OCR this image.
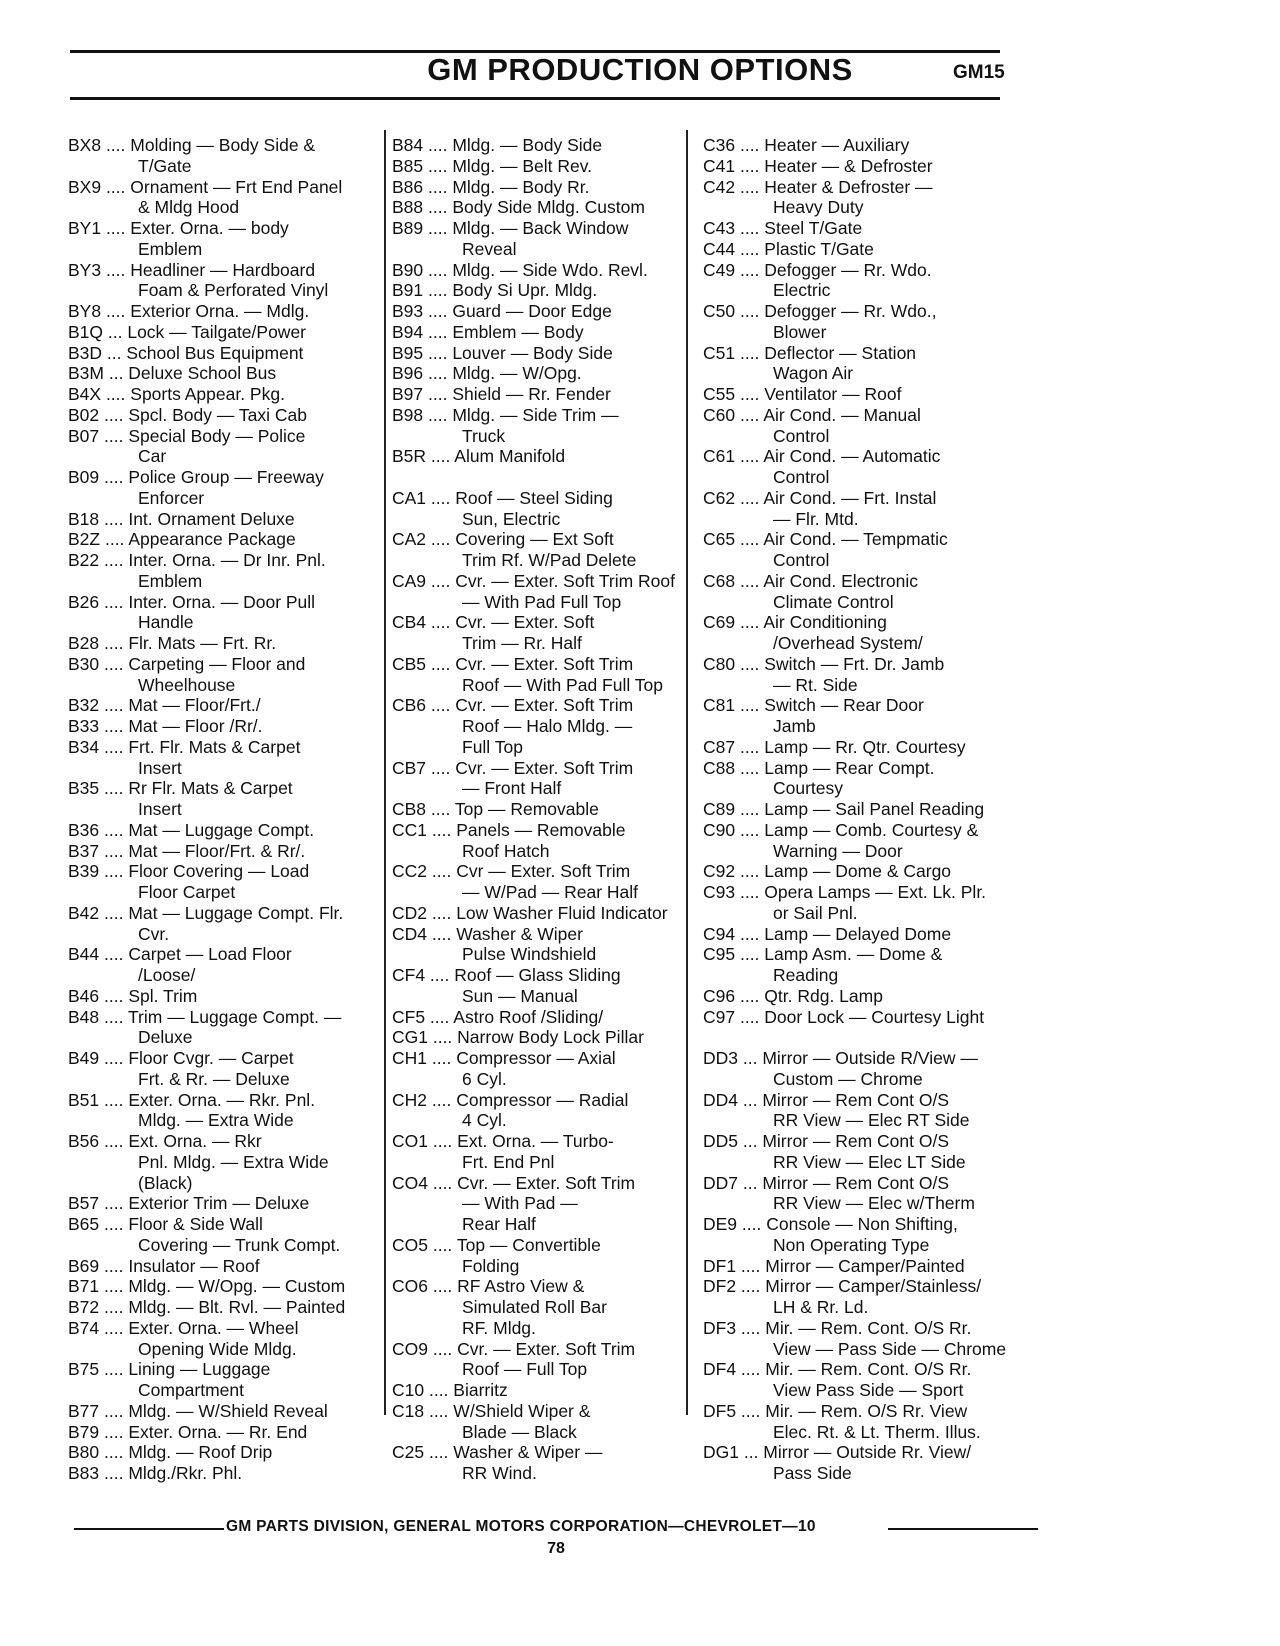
GM PRODUCTION OPTIONS	GM15
BX8 .... Molding — Body Side &
T/Gate
BX9 .... Ornament — Frt End Panel
& Mldg Hood
BY1 .... Exter. Orna. — body
Emblem
BY3 .... Headliner — Hardboard
Foam & Perforated Vinyl
BY8 .... Exterior Orna. — Mdlg.
B1Q ... Lock — Tailgate/Power
B3D ... School Bus Equipment
B3M ... Deluxe School Bus
B4X .... Sports Appear. Pkg.
B02 .... Spcl. Body — Taxi Cab
B07 .... Special Body — Police
Car
B09 .... Police Group — Freeway
Enforcer
B18 .... Int. Ornament Deluxe
B2Z .... Appearance Package
B22 .... Inter. Orna. — Dr Inr. Pnl.
Emblem
B26 .... Inter. Orna. — Door Pull
Handle
B28 .... Flr. Mats — Frt. Rr.
B30 .... Carpeting — Floor and
Wheelhouse
B32 .... Mat — Floor/Frt./
B33 .... Mat — Floor /Rr/.
B34 .... Frt. Flr. Mats & Carpet
Insert
B35 .... Rr Flr. Mats & Carpet
Insert
B36 .... Mat — Luggage Compt.
B37 .... Mat — Floor/Frt. & Rr/.
B39 .... Floor Covering — Load
Floor Carpet
B42 .... Mat — Luggage Compt. Flr.
Cvr.
B44 .... Carpet — Load Floor
/Loose/
B46 .... Spl. Trim
B48 .... Trim — Luggage Compt. —
Deluxe
B49 .... Floor Cvgr. — Carpet
Frt. & Rr. — Deluxe
B51 .... Exter. Orna. — Rkr. Pnl.
Mldg. — Extra Wide
B56 .... Ext. Orna. — Rkr
Pnl. Mldg. — Extra Wide
(Black)
B57 .... Exterior Trim — Deluxe
B65 .... Floor & Side Wall
Covering — Trunk Compt.
B69 .... Insulator — Roof
B71 .... Mldg. — W/Opg. — Custom
B72 .... Mldg. — Blt. Rvl. — Painted
B74 .... Exter. Orna. — Wheel
Opening Wide Mldg.
B75 .... Lining — Luggage
Compartment
B77 .... Mldg. — W/Shield Reveal
B79 .... Exter. Orna. — Rr. End
B80 .... Mldg. — Roof Drip
B83 .... Mldg./Rkr. Phl.
B84 .... Mldg. — Body Side
B85 .... Mldg. — Belt Rev.
B86 .... Mldg. — Body Rr.
B88 .... Body Side Mldg. Custom
B89 .... Mldg. — Back Window
Reveal
B90 .... Mldg. — Side Wdo. Revl.
B91 .... Body Si Upr. Mldg.
B93 .... Guard — Door Edge
B94 .... Emblem — Body
B95 .... Louver — Body Side
B96 .... Mldg. — W/Opg.
B97 .... Shield — Rr. Fender
B98 .... Mldg. — Side Trim —
Truck
B5R .... Alum Manifold
CA1 .... Roof — Steel Siding
Sun, Electric
CA2 .... Covering — Ext Soft
Trim Rf. W/Pad Delete
CA9 .... Cvr. — Exter. Soft Trim Roof
— With Pad Full Top
CB4 .... Cvr. — Exter. Soft
Trim — Rr. Half
CB5 .... Cvr. — Exter. Soft Trim
Roof — With Pad Full Top
CB6 .... Cvr. — Exter. Soft Trim
Roof — Halo Mldg. —
Full Top
CB7 .... Cvr. — Exter. Soft Trim
— Front Half
CB8 .... Top — Removable
CC1 .... Panels — Removable
Roof Hatch
CC2 .... Cvr — Exter. Soft Trim
— W/Pad — Rear Half
CD2 .... Low Washer Fluid Indicator
CD4 .... Washer & Wiper
Pulse Windshield
CF4 .... Roof — Glass Sliding
Sun — Manual
CF5 .... Astro Roof /Sliding/
CG1 .... Narrow Body Lock Pillar
CH1 .... Compressor — Axial
6 Cyl.
CH2 .... Compressor — Radial
4 Cyl.
CO1 .... Ext. Orna. — Turbo-
Frt. End Pnl
CO4 .... Cvr. — Exter. Soft Trim
— With Pad —
Rear Half
CO5 .... Top — Convertible
Folding
CO6 .... RF Astro View &
Simulated Roll Bar
RF. Mldg.
CO9 .... Cvr. — Exter. Soft Trim
Roof — Full Top
C10 .... Biarritz
C18 .... W/Shield Wiper &
Blade — Black
C25 .... Washer & Wiper —
RR Wind.
C36 .... Heater — Auxiliary
C41 .... Heater — & Defroster
C42 .... Heater & Defroster —
Heavy Duty
C43 .... Steel T/Gate
C44 .... Plastic T/Gate
C49 .... Defogger — Rr. Wdo.
Electric
C50 .... Defogger — Rr. Wdo.,
Blower
C51 .... Deflector — Station
Wagon Air
C55 .... Ventilator — Roof
C60 .... Air Cond. — Manual
Control
C61 .... Air Cond. — Automatic
Control
C62 .... Air Cond. — Frt. Instal
— Flr. Mtd.
C65 .... Air Cond. — Tempmatic
Control
C68 .... Air Cond. Electronic
Climate Control
C69 .... Air Conditioning
/Overhead System/
C80 .... Switch — Frt. Dr. Jamb
— Rt. Side
C81 .... Switch — Rear Door
Jamb
C87 .... Lamp — Rr. Qtr. Courtesy
C88 .... Lamp — Rear Compt.
Courtesy
C89 .... Lamp — Sail Panel Reading
C90 .... Lamp — Comb. Courtesy &
Warning — Door
C92 .... Lamp — Dome & Cargo
C93 .... Opera Lamps — Ext. Lk. Plr.
or Sail Pnl.
C94 .... Lamp — Delayed Dome
C95 .... Lamp Asm. — Dome &
Reading
C96 .... Qtr. Rdg. Lamp
C97 .... Door Lock — Courtesy Light
DD3 ... Mirror — Outside R/View —
Custom — Chrome
DD4 ... Mirror — Rem Cont O/S
RR View — Elec RT Side
DD5 ... Mirror — Rem Cont O/S
RR View — Elec LT Side
DD7 ... Mirror — Rem Cont O/S
RR View — Elec w/Therm
DE9 .... Console — Non Shifting,
Non Operating Type
DF1 .... Mirror — Camper/Painted
DF2 .... Mirror — Camper/Stainless/
LH & Rr. Ld.
DF3 .... Mir. — Rem. Cont. O/S Rr.
View — Pass Side — Chrome
DF4 .... Mir. — Rem. Cont. O/S Rr.
View Pass Side — Sport
DF5 .... Mir. — Rem. O/S Rr. View
Elec. Rt. & Lt. Therm. Illus.
DG1 ... Mirror — Outside Rr. View/
Pass Side
GM PARTS DIVISION, GENERAL MOTORS CORPORATION—CHEVROLET—10
78
